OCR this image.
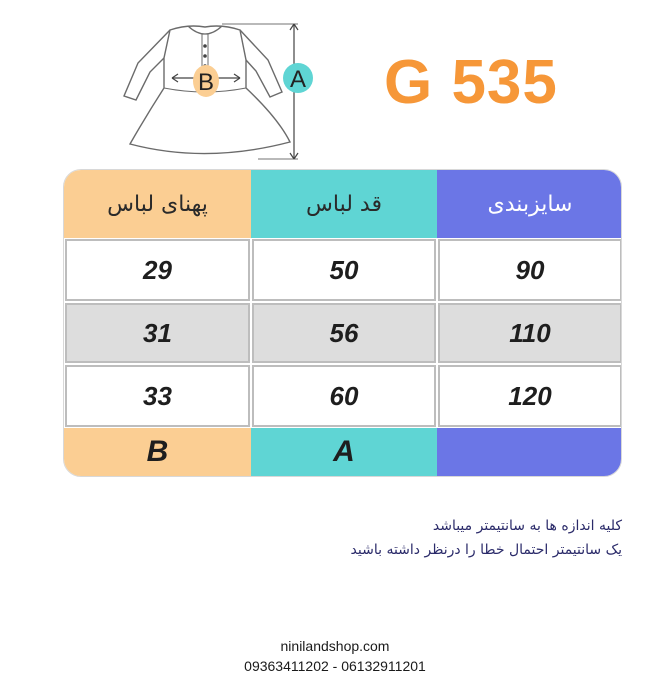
B	A G 535
پهنای لباس	قد لباس	سایزبندی
29	50	90
31	56	110
33	60	120
B	A
کلیه اندازه ها به سانتیمتر میباشد
یک سانتیمتر احتمال خطا را درنظر داشته باشید
ninilandshop.com
09363411202 - 06132911201
